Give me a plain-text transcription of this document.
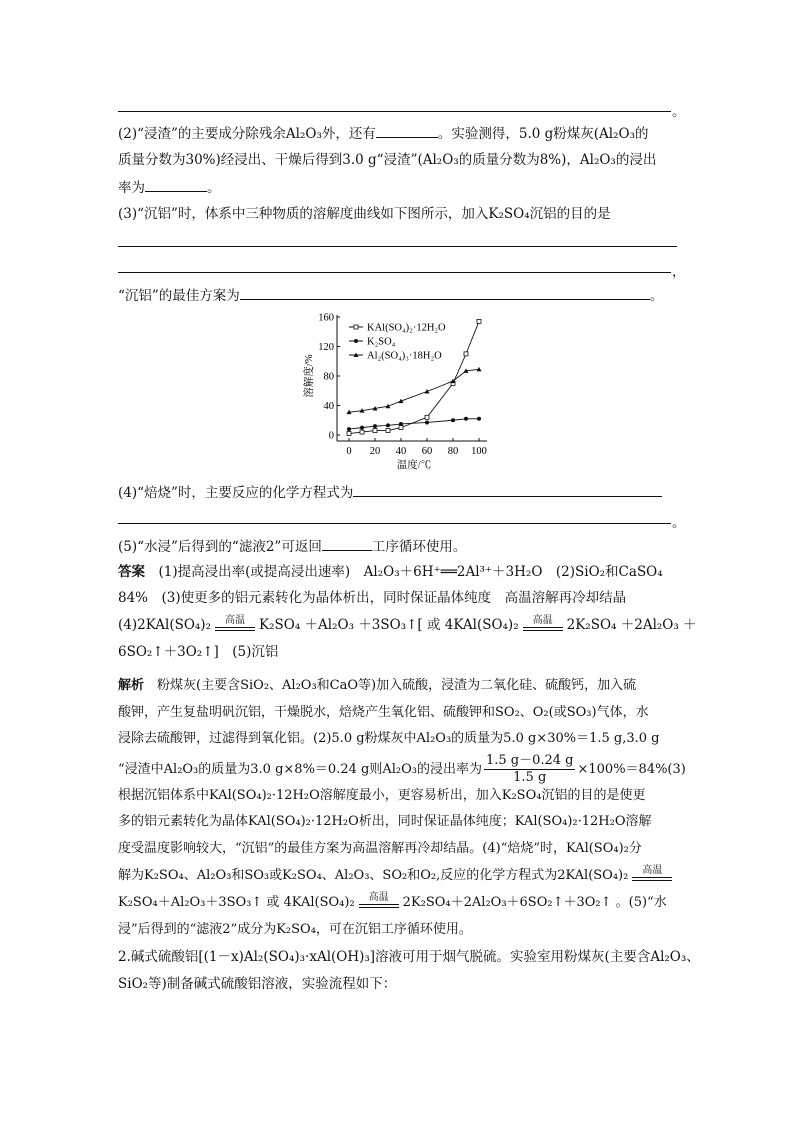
。
(2)“浸渣”的主要成分除残余Al₂O₃外，还有	。实验测得，5.0 g粉煤灰(Al₂O₃的
质量分数为30%)经浸出、干燥后得到3.0 g“浸渣”(Al₂O₃的质量分数为8%)，Al₂O₃的浸出
率为	。
(3)“沉铝”时，体系中三种物质的溶解度曲线如下图所示，加入K₂SO₄沉铝的目的是
，
“沉铝”的最佳方案为	。
0
40
80
120
160
0 20 40 60 80 100
温度/℃
溶解度/%
KAl(SO₄)₂·12H₂O
K₂SO₄
Al₂(SO₄)₃·18H₂O
(4)“焙烧”时，主要反应的化学方程式为
。
(5)“水浸”后得到的“滤液2”可返回	工序循环使用。
答案　 (1)提高浸出率(或提高浸出速率)　Al₂O₃＋6H⁺══2Al³⁺＋3H₂O　(2)SiO₂和CaSO₄
84%　(3)使更多的铝元素转化为晶体析出，同时保证晶体纯度　高温溶解再冷却结晶
(4)2KAl(SO₄)₂	高温	K₂SO₄ ＋Al₂O₃ ＋3SO₃↑[ 或 4KAl(SO₄)₂	高温	2K₂SO₄ ＋2Al₂O₃ ＋
6SO₂↑＋3O₂↑]　(5)沉铝
解析　 粉煤灰(主要含SiO₂、Al₂O₃和CaO等)加入硫酸，浸渣为二氧化硅、硫酸钙，加入硫
酸钾，产生复盐明矾沉铝，干燥脱水，焙烧产生氧化铝、硫酸钾和SO₂、O₂(或SO₃)气体，水
浸除去硫酸钾，过滤得到氧化铝。(2)5.0 g粉煤灰中Al₂O₃的质量为5.0 g×30%＝1.5 g,3.0 g
“浸渣中Al₂O₃的质量为3.0 g×8%＝0.24 g则Al₂O₃的浸出率为 $\frac{1.5 g-0.24 g}{1.5 g} \times 100\%=84\%(3)$
根据沉铝体系中KAl(SO₄)₂·12H₂O溶解度最小，更容易析出，加入K₂SO₄沉铝的目的是使更
多的铝元素转化为晶体KAl(SO₄)₂·12H₂O析出，同时保证晶体纯度；KAl(SO₄)₂·12H₂O溶解
度受温度影响较大，“沉铝”的最佳方案为高温溶解再冷却结晶。(4)“焙烧”时，KAl(SO₄)₂分
解为K₂SO₄、Al₂O₃和SO₃或K₂SO₄、Al₂O₃、SO₂和O₂,反应的化学方程式为2KAl(SO₄)₂	高温
K₂SO₄＋Al₂O₃＋3SO₃↑ 或 4KAl(SO₄)₂	高温	2K₂SO₄＋2Al₂O₃＋6SO₂↑＋3O₂↑ 。(5)“水
浸”后得到的“滤液2”成分为K₂SO₄，可在沉铝工序循环使用。
2.碱式硫酸铝[(1－x)Al₂(SO₄)₃·xAl(OH)₃]溶液可用于烟气脱硫。实验室用粉煤灰(主要含Al₂O₃、
SiO₂等)制备碱式硫酸铝溶液，实验流程如下：
